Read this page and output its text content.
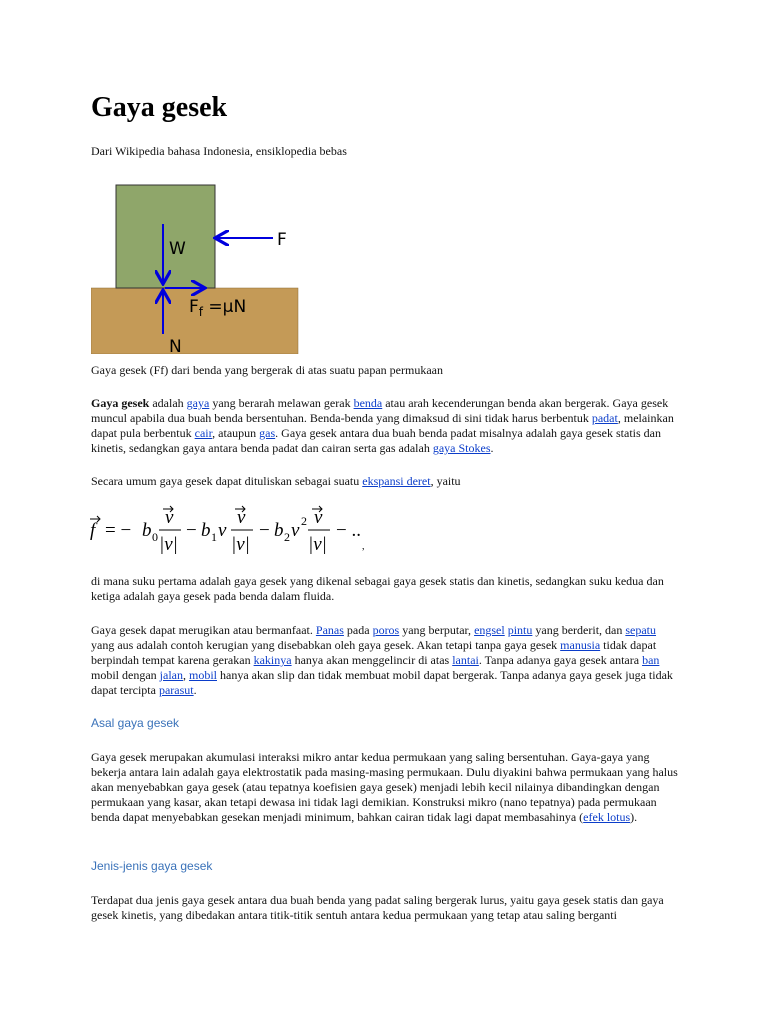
Gaya gesek
Dari Wikipedia bahasa Indonesia, ensiklopedia bebas
W	F
N
$F_f =\mu N$
Gaya gesek (Ff) dari benda yang bergerak di atas suatu papan permukaan

Gaya gesek adalah gaya yang berarah melawan gerak benda atau arah kecenderungan benda akan bergerak. Gaya gesek muncul apabila dua buah benda bersentuhan. Benda-benda yang dimaksud di sini tidak harus berbentuk padat, melainkan dapat pula berbentuk cair, ataupun gas. Gaya gesek antara dua buah benda padat misalnya adalah gaya gesek statis dan kinetis, sedangkan gaya antara benda padat dan cairan serta gas adalah gaya Stokes.

Secara umum gaya gesek dapat dituliskan sebagai suatu ekspansi deret, yaitu

f = − b 0
v
|v|
− b 1 v
v
|v|
− b 2 v 2 v
|v|
− ..
,

di mana suku pertama adalah gaya gesek yang dikenal sebagai gaya gesek statis dan kinetis, sedangkan suku kedua dan ketiga adalah gaya gesek pada benda dalam fluida.

Gaya gesek dapat merugikan atau bermanfaat. Panas pada poros yang berputar, engsel pintu yang berderit, dan sepatu yang aus adalah contoh kerugian yang disebabkan oleh gaya gesek. Akan tetapi tanpa gaya gesek manusia tidak dapat berpindah tempat karena gerakan kakinya hanya akan menggelincir di atas lantai. Tanpa adanya gaya gesek antara ban mobil dengan jalan, mobil hanya akan slip dan tidak membuat mobil dapat bergerak. Tanpa adanya gaya gesek juga tidak dapat tercipta parasut.

Asal gaya gesek

Gaya gesek merupakan akumulasi interaksi mikro antar kedua permukaan yang saling bersentuhan. Gaya-gaya yang bekerja antara lain adalah gaya elektrostatik pada masing-masing permukaan. Dulu diyakini bahwa permukaan yang halus akan menyebabkan gaya gesek (atau tepatnya koefisien gaya gesek) menjadi lebih kecil nilainya dibandingkan dengan permukaan yang kasar, akan tetapi dewasa ini tidak lagi demikian. Konstruksi mikro (nano tepatnya) pada permukaan benda dapat menyebabkan gesekan menjadi minimum, bahkan cairan tidak lagi dapat membasahinya (efek lotus).

Jenis-jenis gaya gesek

Terdapat dua jenis gaya gesek antara dua buah benda yang padat saling bergerak lurus, yaitu gaya gesek statis dan gaya gesek kinetis, yang dibedakan antara titik-titik sentuh antara kedua permukaan yang tetap atau saling berganti
